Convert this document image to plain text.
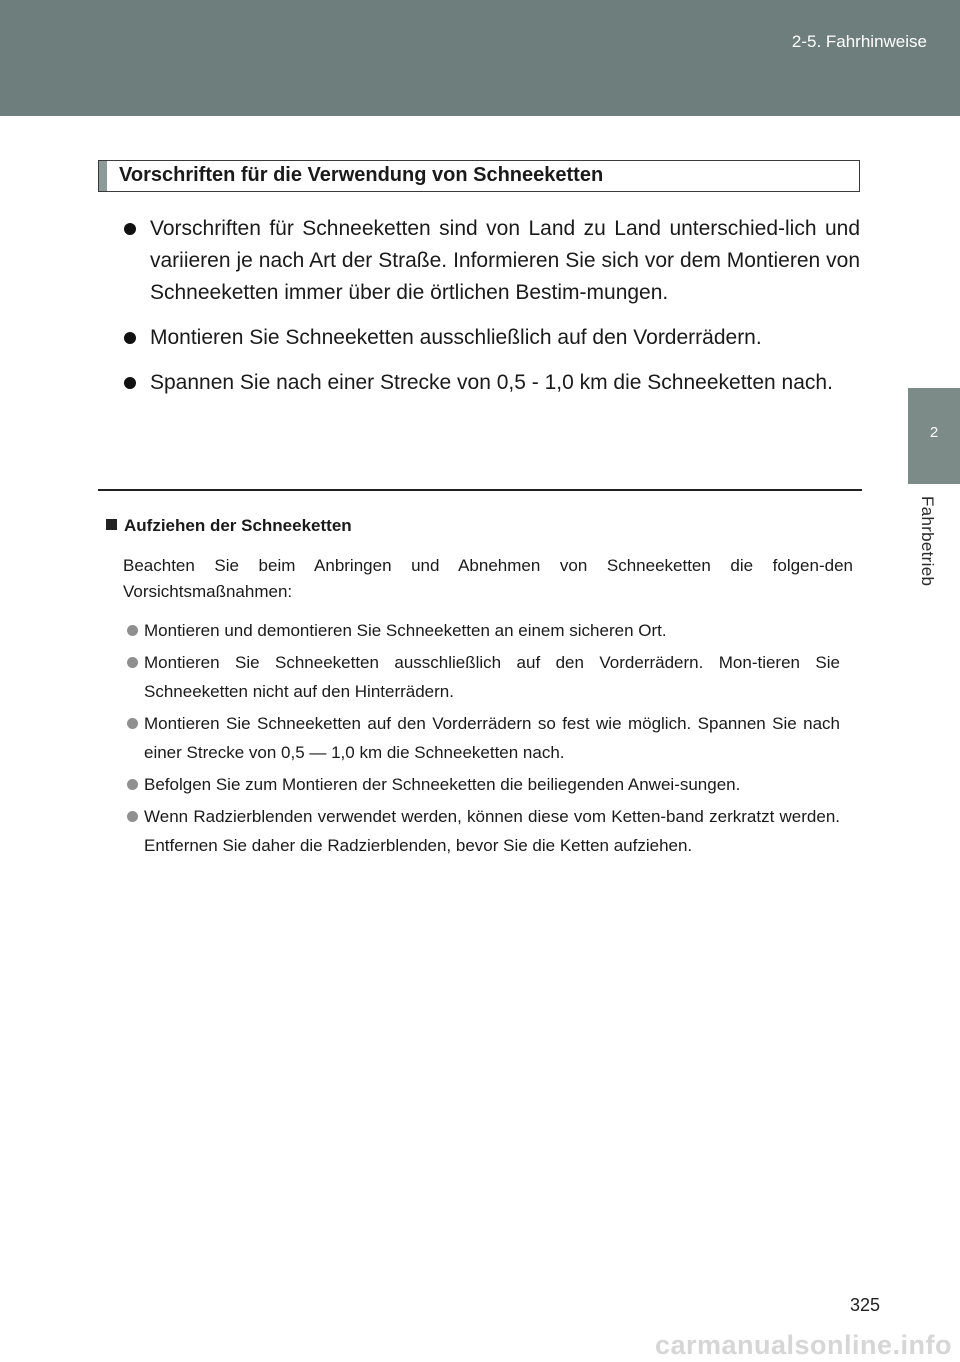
2-5. Fahrhinweise
2
Fahrbetrieb
Vorschriften für die Verwendung von Schneeketten
Vorschriften für Schneeketten sind von Land zu Land unterschied-lich und variieren je nach Art der Straße. Informieren Sie sich vor dem Montieren von Schneeketten immer über die örtlichen Bestim-mungen.
Montieren Sie Schneeketten ausschließlich auf den Vorderrädern.
Spannen Sie nach einer Strecke von 0,5 - 1,0 km die Schneeketten nach.
Aufziehen der Schneeketten
Beachten Sie beim Anbringen und Abnehmen von Schneeketten die folgen-den Vorsichtsmaßnahmen:
Montieren und demontieren Sie Schneeketten an einem sicheren Ort.
Montieren Sie Schneeketten ausschließlich auf den Vorderrädern. Mon-tieren Sie Schneeketten nicht auf den Hinterrädern.
Montieren Sie Schneeketten auf den Vorderrädern so fest wie möglich. Spannen Sie nach einer Strecke von 0,5 — 1,0 km die Schneeketten nach.
Befolgen Sie zum Montieren der Schneeketten die beiliegenden Anwei-sungen.
Wenn Radzierblenden verwendet werden, können diese vom Ketten-band zerkratzt werden. Entfernen Sie daher die Radzierblenden, bevor Sie die Ketten aufziehen.
325
carmanualsonline.info
